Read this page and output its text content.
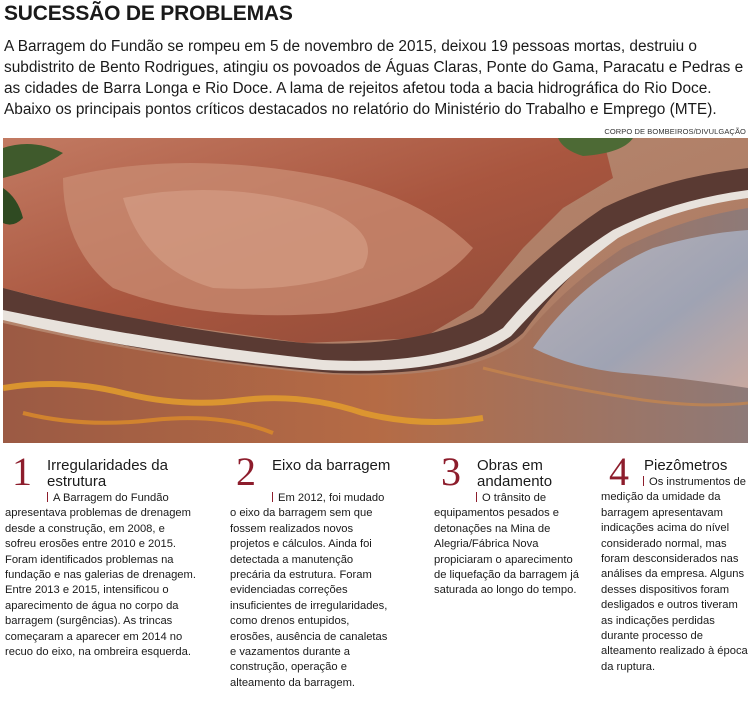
SUCESSÃO DE PROBLEMAS

A Barragem do Fundão se rompeu em 5 de novembro de 2015, deixou 19 pessoas mortas, destruiu o subdistrito de Bento Rodrigues, atingiu os povoados de Águas Claras, Ponte do Gama, Paracatu e Pedras e as cidades de Barra Longa e Rio Doce. A lama de rejeitos afetou toda a bacia hidrográfica do Rio Doce. Abaixo os principais pontos críticos destacados no relatório do Ministério do Trabalho e Emprego (MTE).

CORPO DE BOMBEIROS/DIVULGAÇÃO
1 Irregularidades da estrutura
A Barragem do Fundão apresentava problemas de drenagem desde a construção, em 2008, e sofreu erosões entre 2010 e 2015. Foram identificados problemas na fundação e nas galerias de drenagem. Entre 2013 e 2015, intensificou o aparecimento de água no corpo da barragem (surgências). As trincas começaram a aparecer em 2014 no recuo do eixo, na ombreira esquerda.
2 Eixo da barragem
Em 2012, foi mudado o eixo da barragem sem que fossem realizados novos projetos e cálculos. Ainda foi detectada a manutenção precária da estrutura. Foram evidenciadas correções insuficientes de irregularidades, como drenos entupidos, erosões, ausência de canaletas e vazamentos durante a construção, operação e alteamento da barragem.
3 Obras em andamento
O trânsito de equipamentos pesados e detonações na Mina de Alegria/Fábrica Nova propiciaram o aparecimento de liquefação da barragem já saturada ao longo do tempo.
4 Piezômetros
Os instrumentos de medição da umidade da barragem apresentavam indicações acima do nível considerado normal, mas foram desconsiderados nas análises da empresa. Alguns desses dispositivos foram desligados e outros tiveram as indicações perdidas durante processo de alteamento realizado à época da ruptura.
